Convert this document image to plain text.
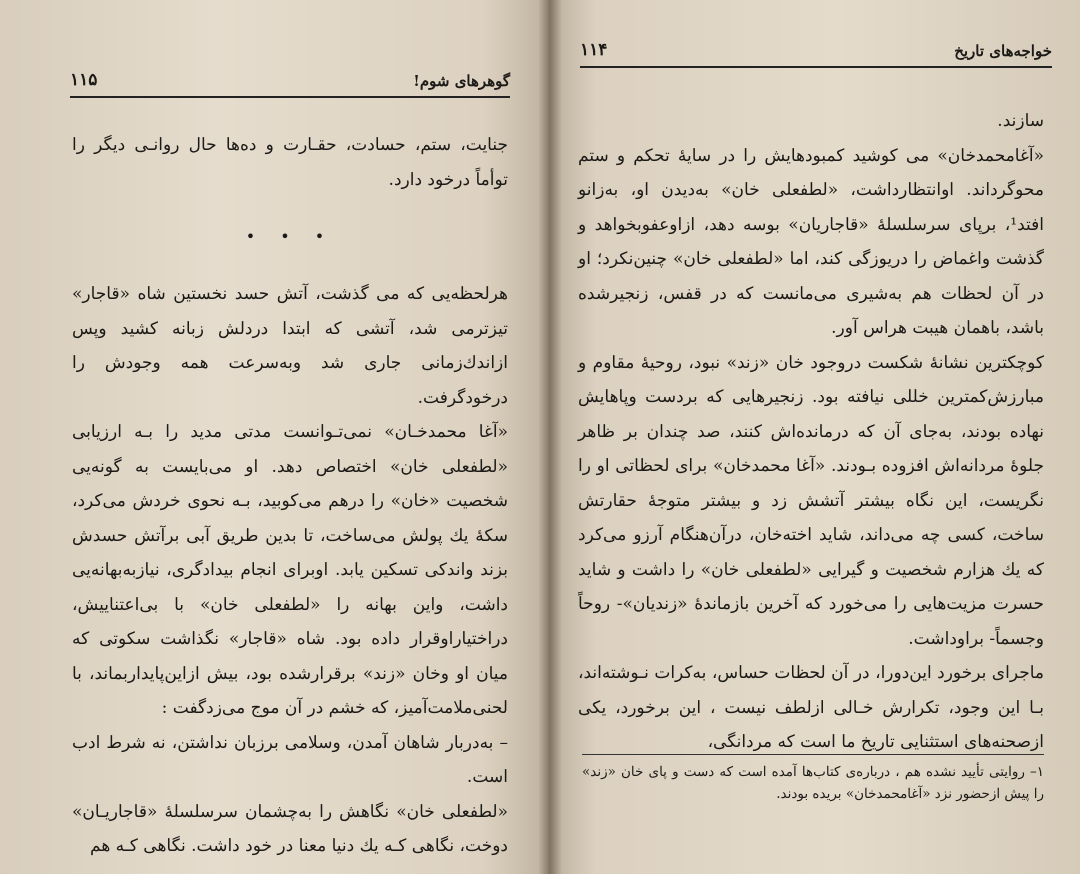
گوهرهای شوم!
۱۱۵

جنایت، ستم، حسادت، حقـارت و ده‌ها حال روانـی دیگر را توأماً درخود دارد.

• • •

هرلحظه‌یی که می گذشت، آتش حسد نخستین شاه «قاجار» تیزترمی شد، آتشی که ابتدا دردلش زبانه کشید وپس ازاندك‌زمانی جاری شد وبه‌سرعت همه وجودش را درخودگرفت.

«آغا محمدخـان» نمی‌تـوانست مدتی مدید را بـه ارزیابی «لطفعلی خان» اختصاص دهد. او می‌بایست به گونه‌یی شخصیت «خان» را درهم می‌کوبید، بـه نحوی خردش می‌کرد، سکهٔ یك پولش می‌ساخت، تا بدین طریق آبی برآتش حسدش بزند واندکی تسکین یابد. اوبرای انجام بیدادگری، نیازبه‌بهانه‌یی داشت، واین بهانه را «لطفعلی خان» با بی‌اعتناییش، دراختیاراوقرار داده بود. شاه «قاجار» نگذاشت سکوتی که میان او وخان «زند» برقرارشده بود، بیش ازاین‌پایداربماند، با لحنی‌ملامت‌آمیز، که خشم در آن موج می‌زدگفت :

– به‌دربار شاهان آمدن، وسلامی برزبان نداشتن، نه شرط ادب است.

«لطفعلی خان» نگاهش را به‌چشمان سرسلسلهٔ «قاجاریـان» دوخت، نگاهی کـه یك دنیا معنا در خود داشت. نگاهی کـه هم

خواجه‌های تاریخ
۱۱۴

سازند.

«آغامحمدخان» می کوشید کمبودهایش را در سایهٔ تحکم و ستم محوگرداند. اوانتظارداشت، «لطفعلی خان» به‌دیدن او، به‌زانو افتد¹، برپای سرسلسلهٔ «قاجاریان» بوسه دهد، ازاوعفوبخواهد و گذشت واغماض را دریوزگی کند، اما «لطفعلی خان» چنین‌نکرد؛ او در آن لحظات هم به‌شیری می‌مانست که در قفس، زنجیرشده باشد، باهمان هیبت هراس آور.

کوچکترین نشانهٔ شکست درو‌جود خان «زند» نبود، روحیهٔ مقاوم و مبارزش‌کمترین خللی نیافته بود. زنجیرهایی که بردست وپاهایش نهاده بودند، به‌جای آن که درمانده‌اش کنند، صد چندان بر ظاهر جلوهٔ مردانه‌اش افزوده بـودند. «آغا محمدخان» برای لحظاتی او را نگریست، این نگاه بیشتر آتشش زد و بیشتر متوجهٔ حقارتش ساخت، کسی چه می‌داند، شاید اخته‌خان، درآن‌هنگام آرزو می‌کرد که یك هزارم شخصیت و گیرایی «لطفعلی خان» را داشت و شاید حسرت مزیت‌هایی را می‌خورد که آخرین بازماندهٔ «زندیان»- روحاً وجسماً- براوداشت.

ماجرای برخورد این‌دورا، در آن لحظات حساس، به‌کرات نـوشته‌اند، بـا این وجود، تکرارش خـالی ازلطف نیست ، این برخورد، یکی ازصحنه‌های استثنایی تاریخ ما است که مردانگی،

۱– روایتی تأیید نشده هم ، درباره‌ی کتاب‌ها آمده است که دست و پای خان «زند» را پیش ازحضور نزد «آغامحمدخان» بریده بودند.
